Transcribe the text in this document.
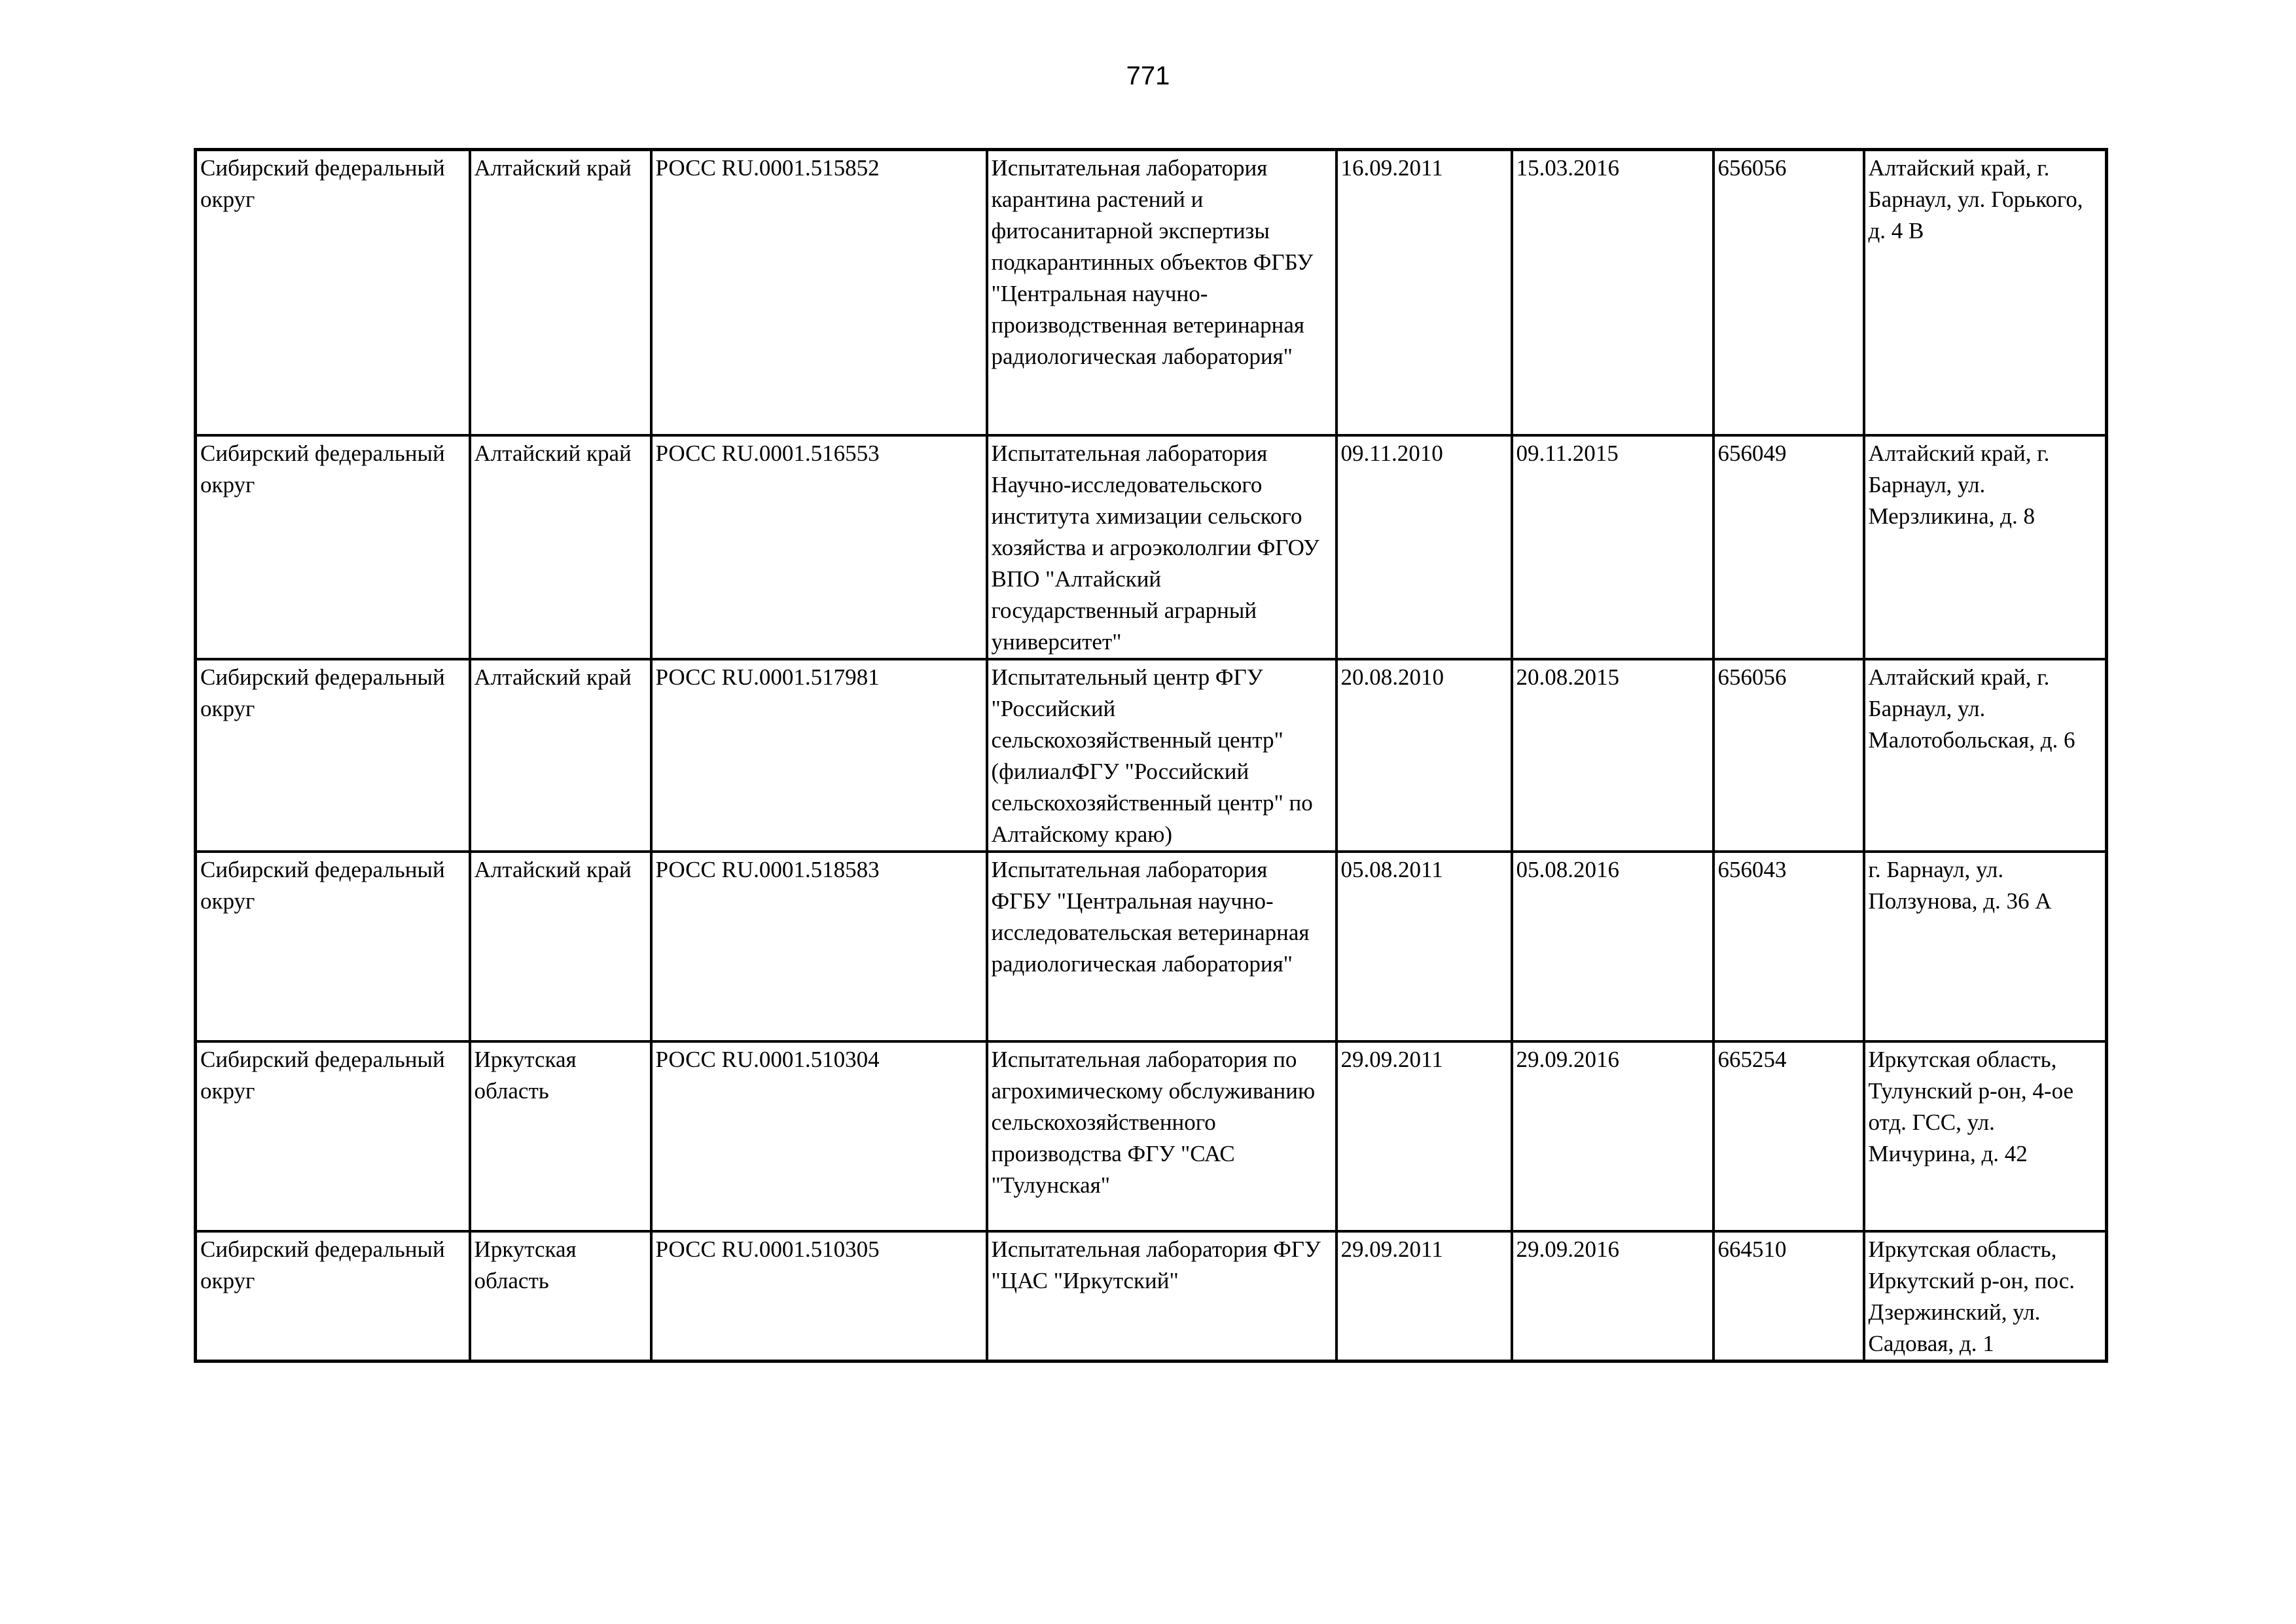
771
Сибирский федеральный округ	Алтайский край	РОСС RU.0001.515852	Испытательная лаборатория карантина растений и фитосанитарной экспертизы подкарантинных объектов ФГБУ "Центральная научно-производственная ветеринарная радиологическая лаборатория"	16.09.2011	15.03.2016	656056	Алтайский край, г. Барнаул, ул. Горького, д. 4 В
Сибирский федеральный округ	Алтайский край	РОСС RU.0001.516553	Испытательная лаборатория Научно-исследовательского института химизации сельского хозяйства и агроэкололгии ФГОУ ВПО "Алтайский государственный аграрный университет"	09.11.2010	09.11.2015	656049	Алтайский край, г. Барнаул, ул. Мерзликина, д. 8
Сибирский федеральный округ	Алтайский край	РОСС RU.0001.517981	Испытательный центр ФГУ "Российский сельскохозяйственный центр" (филиалФГУ "Российский сельскохозяйственный центр" по Алтайскому краю)	20.08.2010	20.08.2015	656056	Алтайский край, г. Барнаул, ул. Малотобольская, д. 6
Сибирский федеральный округ	Алтайский край	РОСС RU.0001.518583	Испытательная лаборатория ФГБУ "Центральная научно-исследовательская ветеринарная радиологическая лаборатория"	05.08.2011	05.08.2016	656043	г. Барнаул, ул. Ползунова, д. 36 А
Сибирский федеральный округ	Иркутская область	РОСС RU.0001.510304	Испытательная лаборатория по агрохимическому обслуживанию сельскохозяйственного производства ФГУ "САС "Тулунская"	29.09.2011	29.09.2016	665254	Иркутская область, Тулунский р-он, 4-ое отд. ГСС, ул. Мичурина, д. 42
Сибирский федеральный округ	Иркутская область	РОСС RU.0001.510305	Испытательная лаборатория ФГУ "ЦАС "Иркутский"	29.09.2011	29.09.2016	664510	Иркутская область, Иркутский р-он, пос. Дзержинский, ул. Садовая, д. 1
